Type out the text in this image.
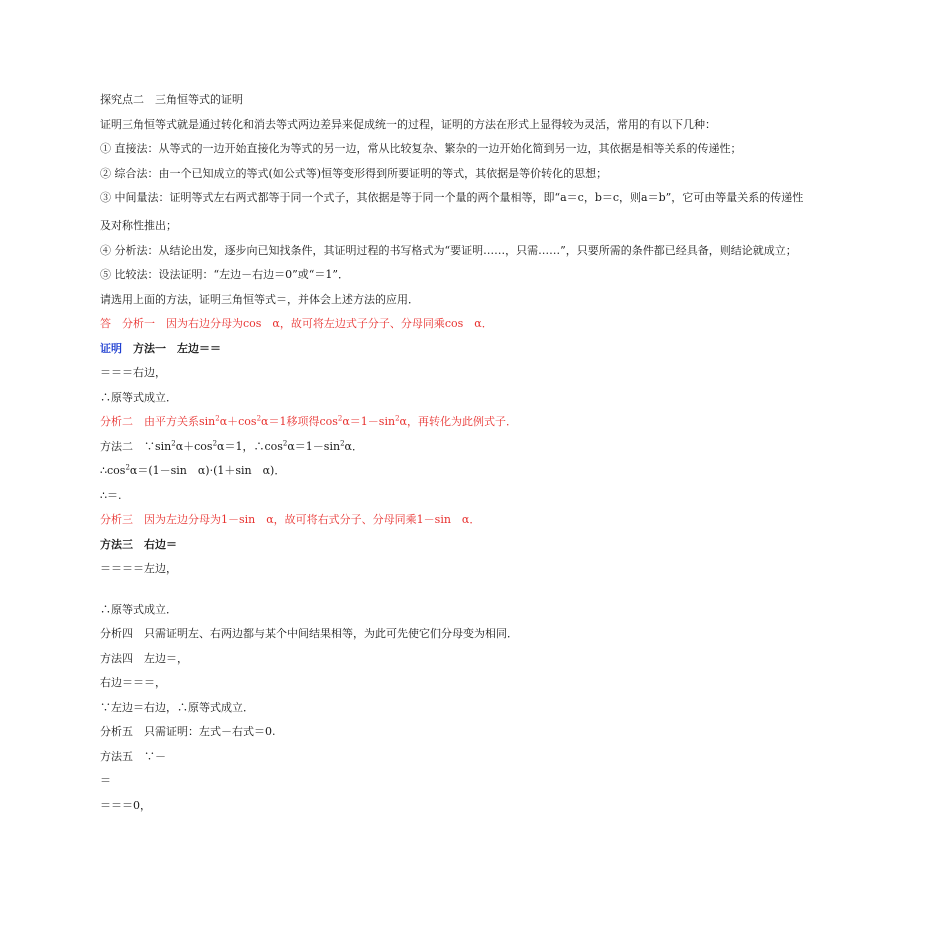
探究点二　三角恒等式的证明
证明三角恒等式就是通过转化和消去等式两边差异来促成统一的过程，证明的方法在形式上显得较为灵活，常用的有以下几种：
① 直接法：从等式的一边开始直接化为等式的另一边，常从比较复杂、繁杂的一边开始化简到另一边，其依据是相等关系的传递性；
② 综合法：由一个已知成立的等式(如公式等)恒等变形得到所要证明的等式，其依据是等价转化的思想；
③ 中间量法：证明等式左右两式都等于同一个式子，其依据是等于同一个量的两个量相等，即“a＝c，b＝c，则a＝b”，它可由等量关系的传递性
及对称性推出；
④ 分析法：从结论出发，逐步向已知找条件，其证明过程的书写格式为“要证明……，只需……”，只要所需的条件都已经具备，则结论就成立；
⑤ 比较法：设法证明：“左边－右边＝0”或“＝1”．
请选用上面的方法，证明三角恒等式＝，并体会上述方法的应用．
答　分析一　因为右边分母为cos　α，故可将左边式子分子、分母同乘cos　α．
证明　方法一　左边＝＝
＝＝＝右边，
∴原等式成立．
分析二　由平方关系$\sin^2\alpha+\cos^2\alpha=1$移项得$\cos^2\alpha=1-\sin^2\alpha$，再转化为此例式子．
方法二　$\because\sin^2\alpha+\cos^2\alpha=1$，$\therefore\cos^2\alpha=1-\sin^2\alpha$．
$\therefore\cos^2\alpha=(1-\sin$　α)·(1＋sin　α)．
∴＝.
分析三　因为左边分母为1－sin　α，故可将右式分子、分母同乘1－sin　α．
方法三　右边＝
＝＝＝＝左边，
∴原等式成立．
分析四　只需证明左、右两边都与某个中间结果相等，为此可先使它们分母变为相同．
方法四　左边＝，
右边＝＝＝，
∵左边＝右边，∴原等式成立．
分析五　只需证明：左式－右式＝0.
方法五　∵－
＝
＝＝＝0，
